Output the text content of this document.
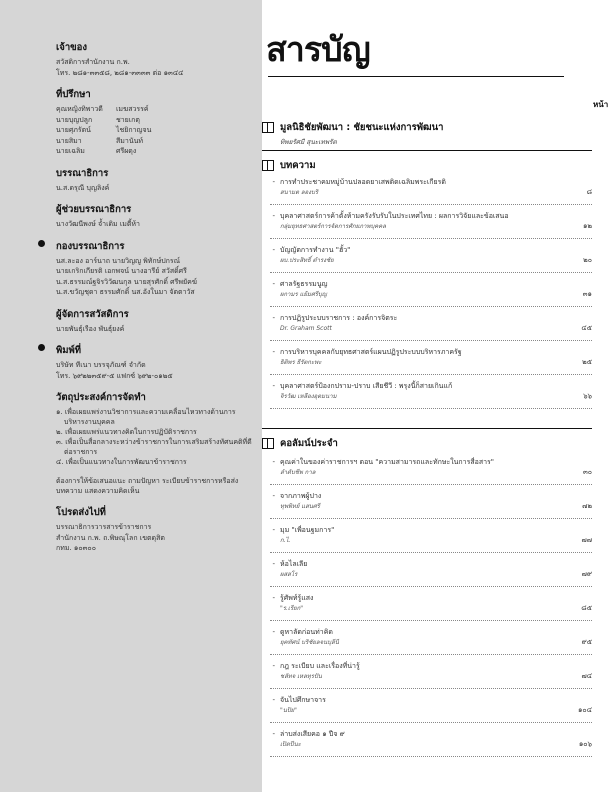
เจ้าของ
สวัสดิการสำนักงาน ก.พ.
โทร. ๒๘๑-๓๓๕๘, ๒๘๑-๓๓๓๓ ต่อ ๑๓๔๔
ที่ปรึกษา
คุณหญิงทิพาวดี	เมฆสวรรค์
นายบุญปลูก	ชายเกตุ
นายศุภรัตน์	ไชยิกาญจน
นายสิมา	สีมานันท์
นายเฉลิม	ศรีผดุง
บรรณาธิการ
น.ส.ดรุณี บุญลิงค์
ผู้ช่วยบรรณาธิการ
นางวัฒนีพงษ์ จ้ำเดิม เมตี้ห้า
กองบรรณาธิการ
นส.ละอง อาร์นาถ นายวิญญู พิทักษ์ปกรณ์
นายเกริกเกียรติ เอกพจน์ นางอารีย์ สวัสดิ์ศรี
น.ส.ธรรมณ์ฐจิรวิวัฒนกุล นายสุรศักดิ์ ศรีพยัคฆ์
น.ส.ขวัญชุดา ธรรมศักดิ์ นส.อังในมา จัตตาวัส
ผู้จัดการสวัสดิการ
นายพันธุ์เรือง พันธุ์ยงค์
พิมพ์ที่
บริษัท ทีเนา บรรจุภัณฑ์ จำกัด
โทร. ๖๙๒๒๓๕๙-๕ แฟกซ์ ๖๙๒-๐๑๒๕
วัตถุประสงค์การจัดทำ
๑. เพื่อเผยแพร่งานวิชาการและความเคลื่อนไหวทางด้านการบริหารงานบุคคล
๒. เพื่อเผยแพร่แนวทางคิดในการปฏิบัติราชการ
๓. เพื่อเป็นสื่อกลางระหว่างข้าราชการในการเสริมสร้างทัศนคติที่ดีต่อราชการ
๔. เพื่อเป็นแนวทางในการพัฒนาข้าราชการ
ต้องการให้ข้อเสนอแนะ ถามปัญหา ระเบียบข้าราชการหรือส่งบทความ แสดงความคิดเห็น
โปรดส่งไปที่
บรรณาธิการวารสารข้าราชการ
สำนักงาน ก.พ. ถ.พิษณุโลก เขตดุสิต
กทม. ๑๐๓๐๐
สารบัญ
หน้า
มูลนิธิชัยพัฒนา : ชัยชนะแห่งการพัฒนา
ทิพยรัศมี สุนะเทพรัต
บทความ
- การทำประชาคมหมู่บ้านปลอดยาเสพติดเฉลิมพระเกียรติ
สนามต ลองบริ	๘
- บุคลาศาสตร์การค้าตั้งห้ามครังรับรับในประเทศไทย : ผลการวิจัยและข้อเสนอ
กลุ่มยุทธศาสตร์การจัดการศักยภาพบุคคล	๑๒
- บัญญัตการทำงาน "ฮั้ว"
ผบ.ประสิทธิ์ ดำรงชัย	๒๐
- ศาลรัฐธรรมนูญ
ผกามร แย้มศรีบุญ	๓๑
- การปฏิรูประบบราชการ : องค์การจิตระ
Dr. Graham Scott	๔๕
- การบริหารบุคคลกับยุทธศาสตร์แผนปฏิรูประบบบริหารภาครัฐ
ธิติพร ธีรัตกะพะ	๒๕
- บุคลาศาสตร์ป้องกปราม-ปราบ เสียชีวี : พรุงนี้ก็สายเกินแก้
จิรวัฒ เหลืองอุดมนาม	๖๖
คอลัมน์ประจำ
- คุณค่าในของค่าราชการฯ ตอน "ความสามารถและทักษะในการสื่อสาร"
ลำดับชีพ กาล	๓๐
- จากภาพผู้ปาง
ทุพพิทย์ แสนศรี	๗๒
- มุม "เพื่อนฐมการ"
ก.ไ.	๗๗
- ห้อไลเลีย
ผสสโร	๗๙
- รู้ศัพท์รู้แสง
"ร.เรียก"	๘๕
- ดูหาลัดก่อนท่าคิด
ยุคทัศน์ บริชัยลจนบุลีนี	๙๕
- กฎ ระเบียบ และเรื่องที่น่ารู้
ชลัทจ เหลทุรปัน	๗๔
- จันไปศึกษาจาร
"นปิย"	๑๐๔
- ล่าบส่งเสียคอ ๑ ปีจ ๙
เปิดปีนะ	๑๐๖
